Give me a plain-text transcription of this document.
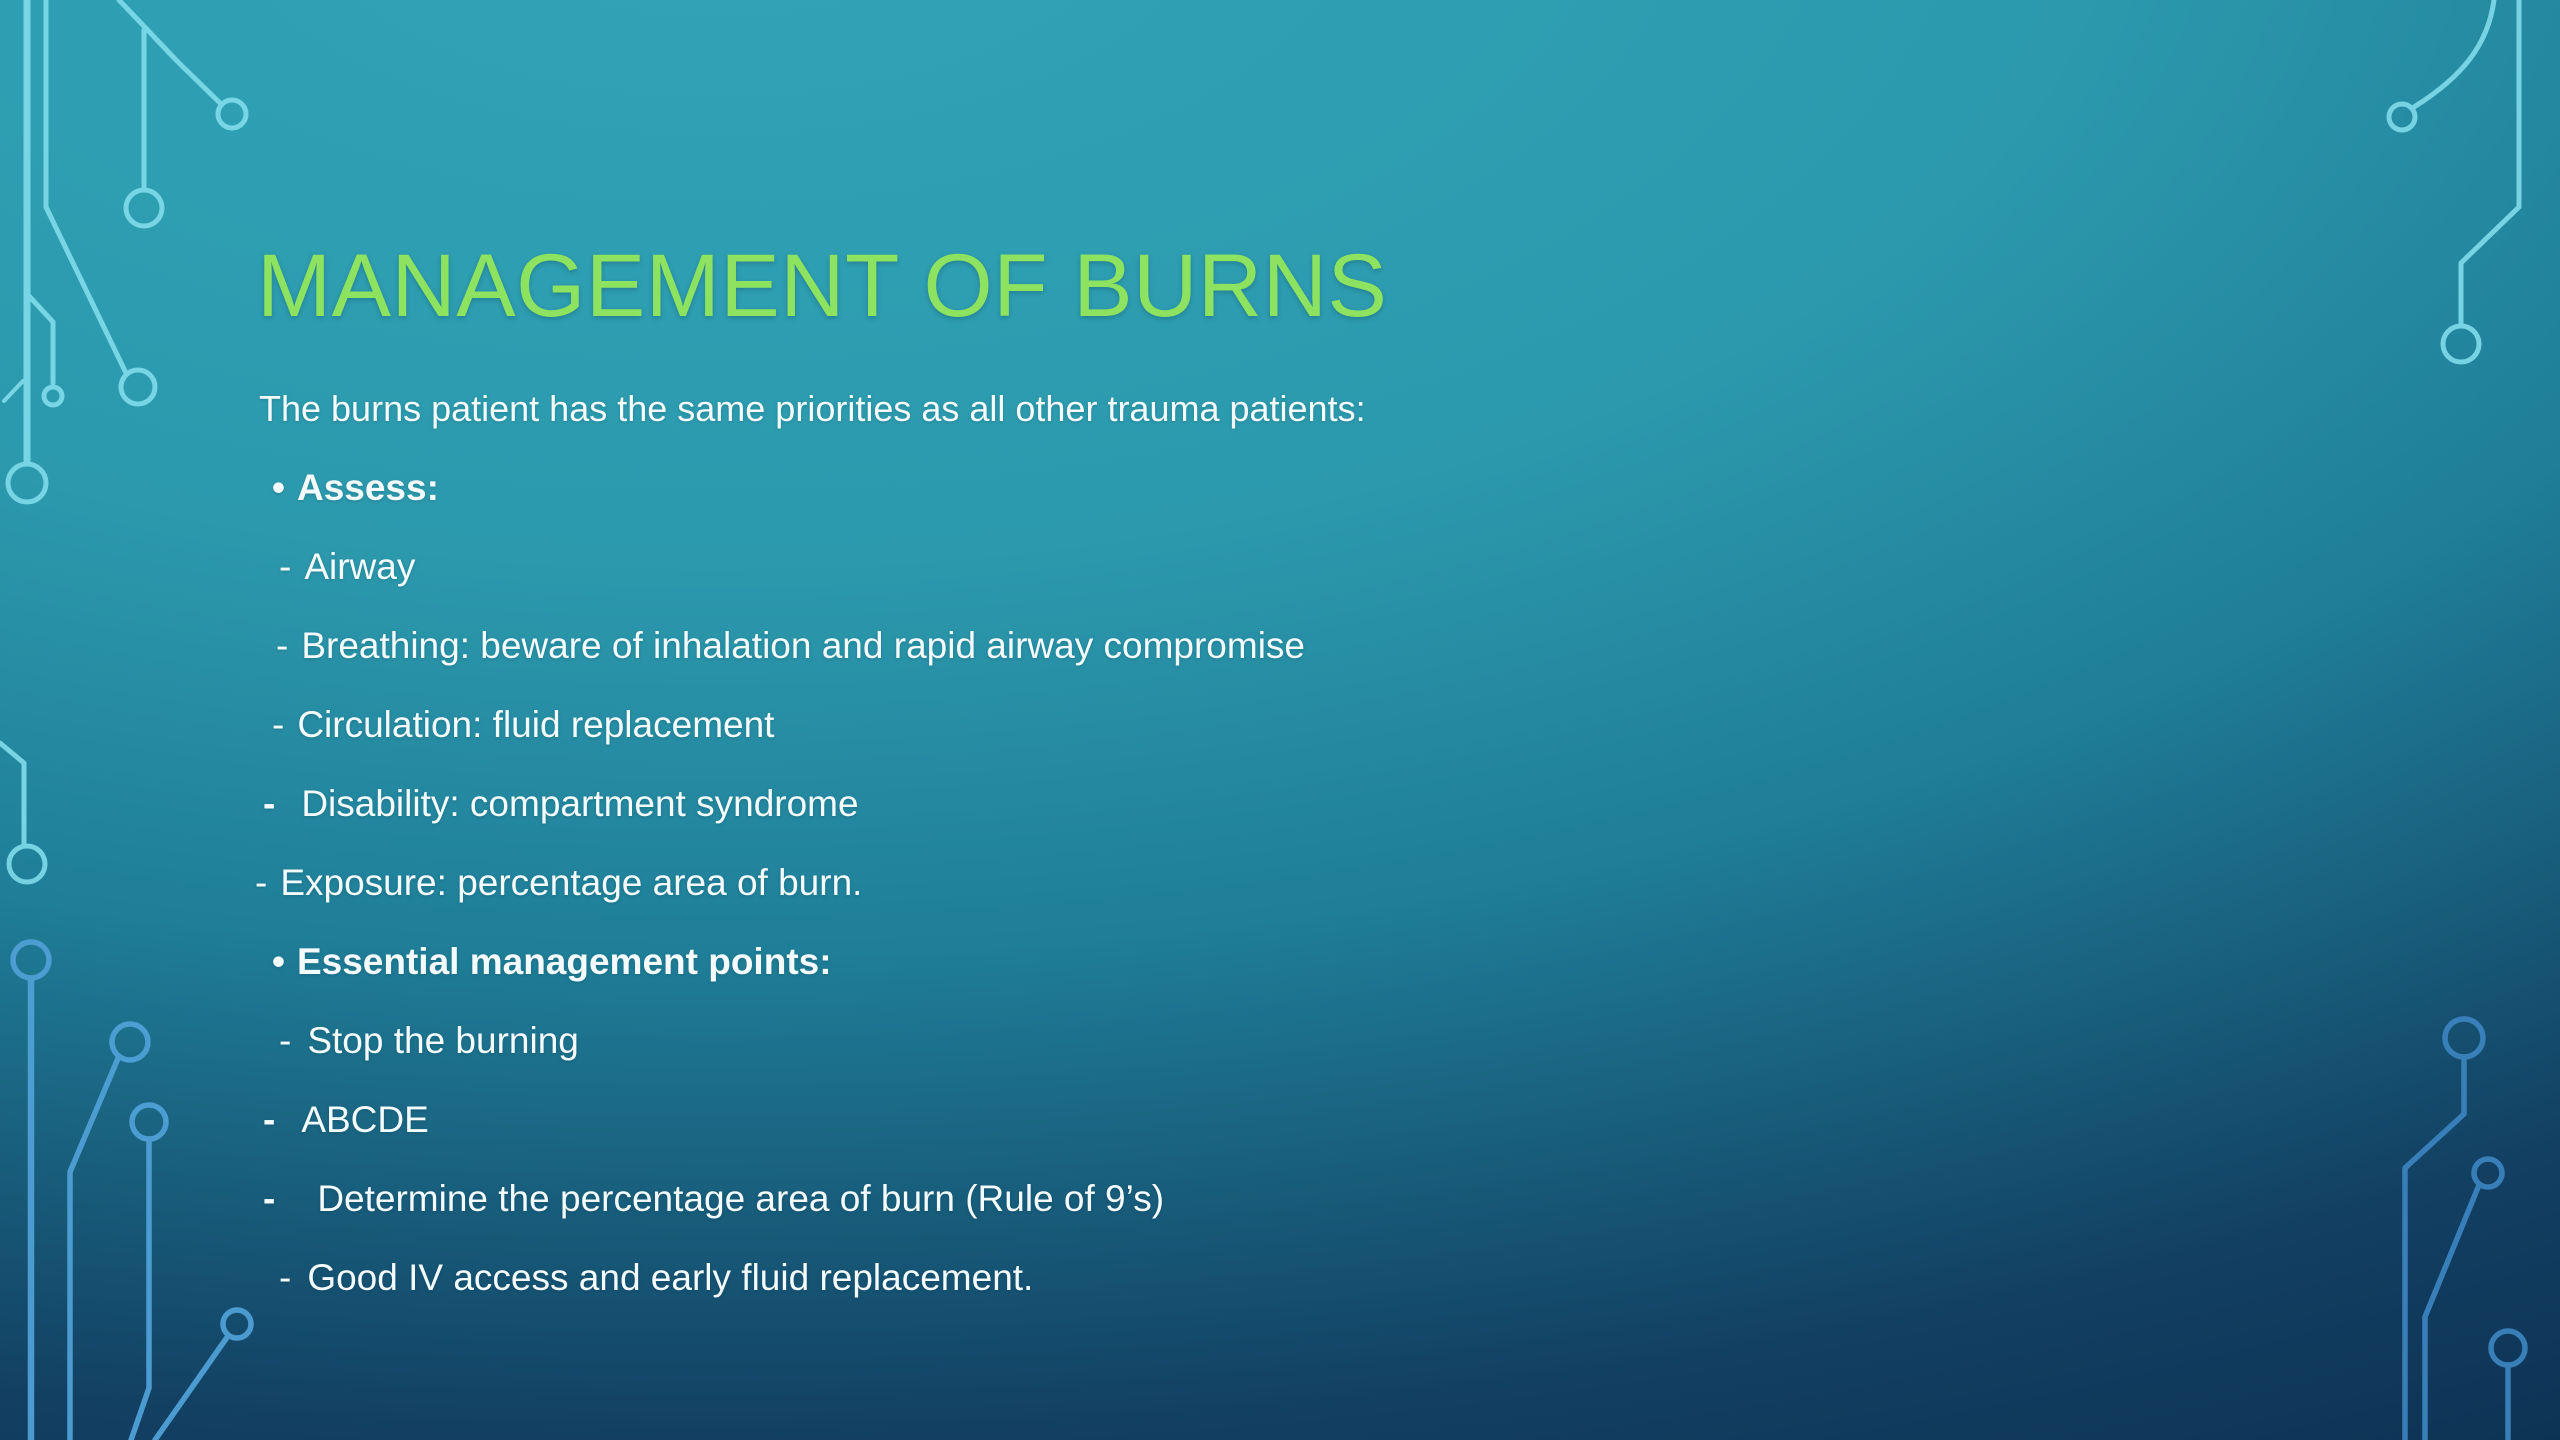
MANAGEMENT OF BURNS
The burns patient has the same priorities as all other trauma patients:
• Assess:
- Airway
- Breathing: beware of inhalation and rapid airway compromise
- Circulation: fluid replacement
- Disability: compartment syndrome
- Exposure: percentage area of burn.
• Essential management points:
- Stop the burning
- ABCDE
- Determine the percentage area of burn (Rule of 9’s)
- Good IV access and early fluid replacement.
